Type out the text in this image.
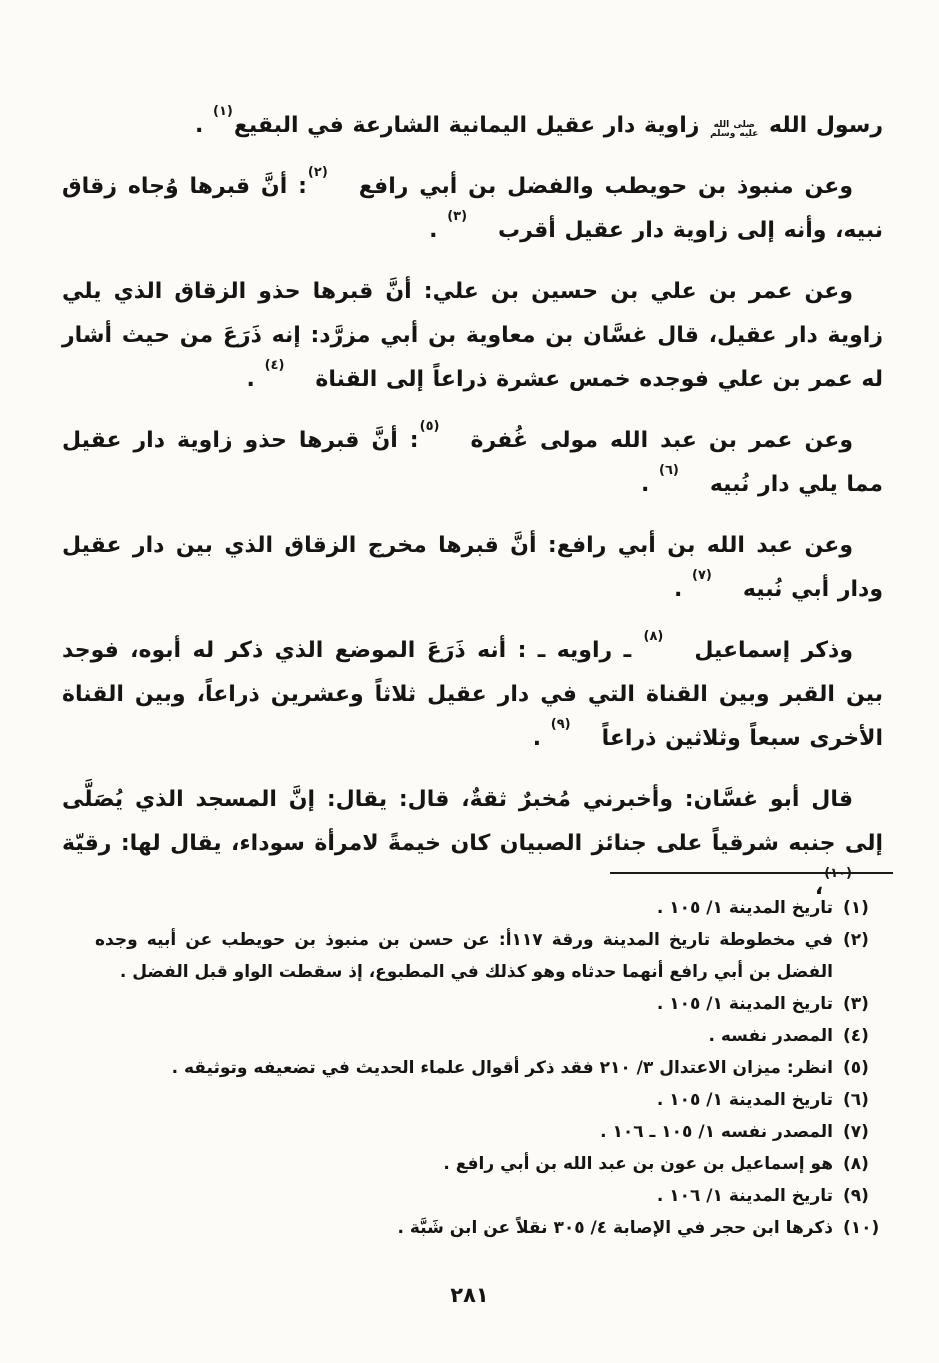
رسول الله
صلى الله
عليه وسلم
زاوية دار عقيل اليمانية الشارعة في البقيع$^{(١)}$ .

وعن منبوذ بن حويطب والفضل بن أبي رافع$^{(٢)}$: أنَّ قبرها وُجاه زقاق نبيه، وأنه إلى زاوية دار عقيل أقرب$^{(٣)}$ .

وعن عمر بن علي بن حسين بن علي: أنَّ قبرها حذو الزقاق الذي يلي زاوية دار عقيل، قال غسَّان بن معاوية بن أبي مزرَّد: إنه ذَرَعَ من حيث أشار له عمر بن علي فوجده خمس عشرة ذراعاً إلى القناة$^{(٤)}$ .

وعن عمر بن عبد الله مولى غُفرة$^{(٥)}$: أنَّ قبرها حذو زاوية دار عقيل مما يلي دار نُبيه$^{(٦)}$ .

وعن عبد الله بن أبي رافع: أنَّ قبرها مخرج الزقاق الذي بين دار عقيل ودار أبي نُبيه$^{(٧)}$ .

وذكر إسماعيل$^{(٨)}$ ـ راويه ـ : أنه ذَرَعَ الموضع الذي ذكر له أبوه، فوجد بين القبر وبين القناة التي في دار عقيل ثلاثاً وعشرين ذراعاً، وبين القناة الأخرى سبعاً وثلاثين ذراعاً$^{(٩)}$ .

قال أبو غسَّان: وأخبرني مُخبرٌ ثقةٌ، قال: يقال: إنَّ المسجد الذي يُصَلَّى إلى جنبه شرقياً على جنائز الصبيان كان خيمةً لامرأة سوداء، يقال لها: رقيّة،

(١)
تاريخ المدينة ١/ ١٠٥ .
(٢)
في مخطوطة تاريخ المدينة ورقة ١١٧أ: عن حسن بن منبوذ بن حويطب عن أبيه وجده الفضل بن أبي رافع أنهما حدثاه وهو كذلك في المطبوع، إذ سقطت الواو قبل الفضل .
(٣)
تاريخ المدينة ١/ ١٠٥ .
(٤)
المصدر نفسه .
(٥)
انظر: ميزان الاعتدال ٣/ ٢١٠ فقد ذكر أقوال علماء الحديث في تضعيفه وتوثيقه .
(٦)
تاريخ المدينة ١/ ١٠٥ .
(٧)
المصدر نفسه ١/ ١٠٥ ـ ١٠٦ .
(٨)
هو إسماعيل بن عون بن عبد الله بن أبي رافع .
(٩)
تاريخ المدينة ١/ ١٠٦ .
(١٠)
ذكرها ابن حجر في الإصابة ٤/ ٣٠٥ نقلاً عن ابن شَبَّة .
٢٨١
